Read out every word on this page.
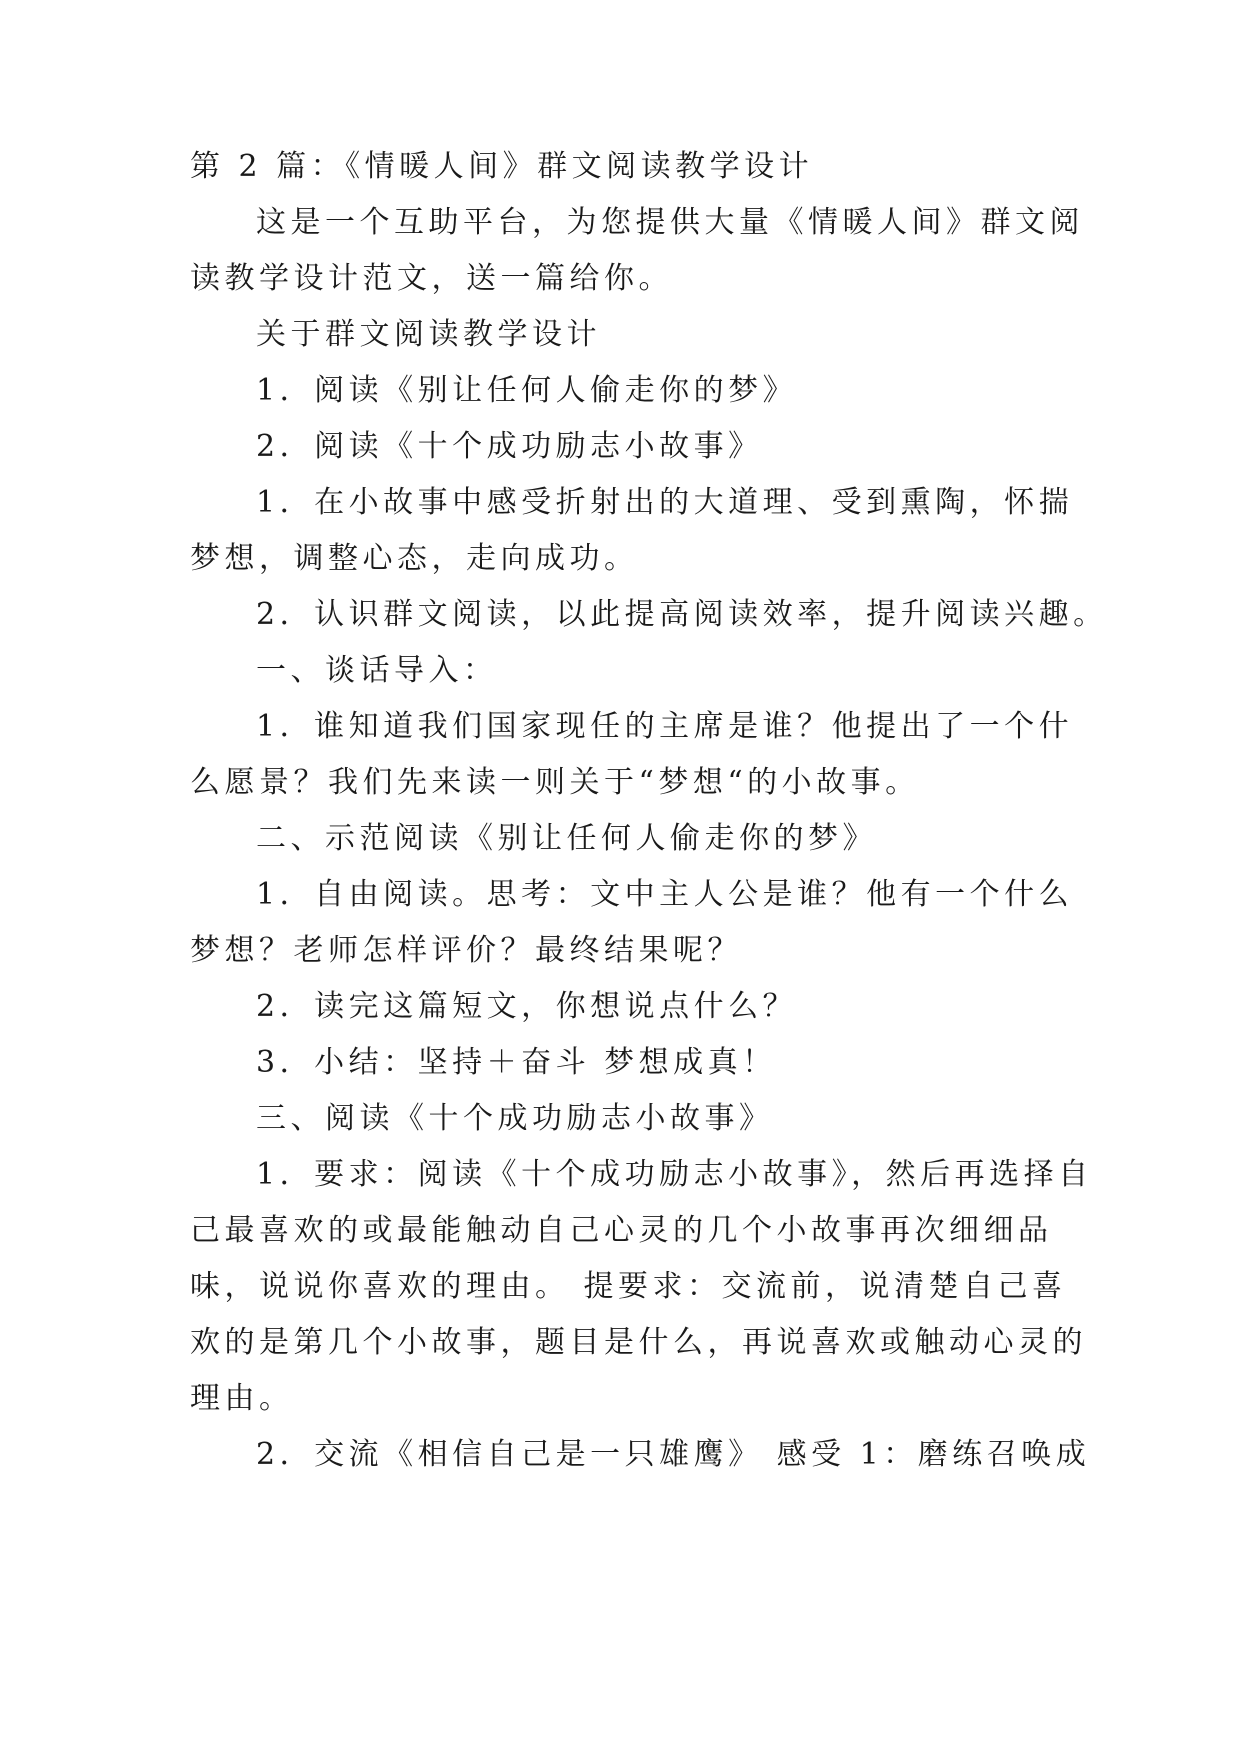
第 2 篇：《情暖人间》群文阅读教学设计
这是一个互助平台，为您提供大量《情暖人间》群文阅
读教学设计范文，送一篇给你。
关于群文阅读教学设计
1．阅读《别让任何人偷走你的梦》
2．阅读《十个成功励志小故事》
1．在小故事中感受折射出的大道理、受到熏陶，怀揣
梦想，调整心态，走向成功。
2．认识群文阅读，以此提高阅读效率，提升阅读兴趣。
一、谈话导入：
1．谁知道我们国家现任的主席是谁？他提出了一个什
么愿景？我们先来读一则关于“梦想“的小故事。
二、示范阅读《别让任何人偷走你的梦》
1．自由阅读。思考：文中主人公是谁？他有一个什么
梦想？老师怎样评价？最终结果呢？
2．读完这篇短文，你想说点什么？
3．小结：坚持＋奋斗 梦想成真！
三、阅读《十个成功励志小故事》
1．要求：阅读《十个成功励志小故事》，然后再选择自
己最喜欢的或最能触动自己心灵的几个小故事再次细细品
味，说说你喜欢的理由。 提要求：交流前，说清楚自己喜
欢的是第几个小故事，题目是什么，再说喜欢或触动心灵的
理由。
2．交流《相信自己是一只雄鹰》 感受 1：磨练召唤成
